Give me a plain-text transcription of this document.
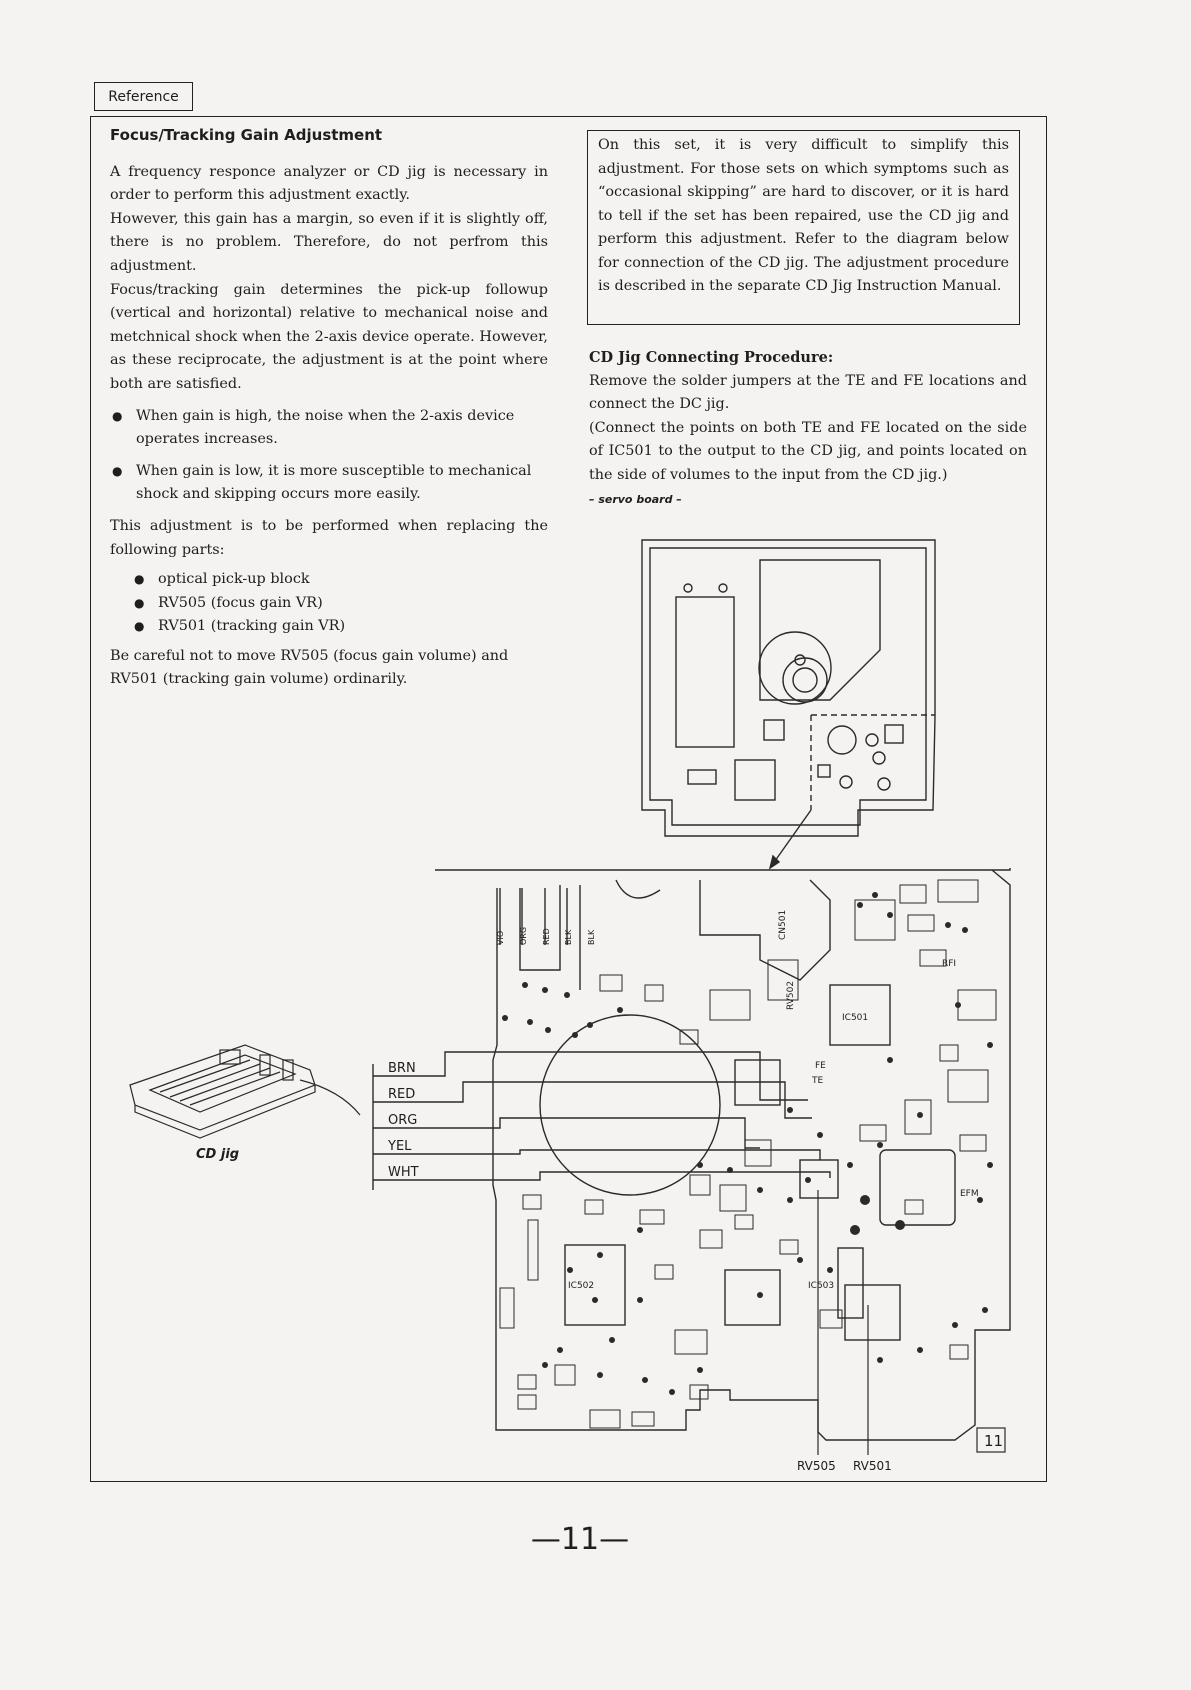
Reference

Focus/Tracking Gain Adjustment

A frequency responce analyzer or CD jig is necessary in order to perform this adjustment exactly.

However, this gain has a margin, so even if it is slightly off, there is no problem. Therefore, do not perfrom this adjustment.

Focus/tracking gain determines the pick-up followup (vertical and horizontal) relative to mechanical noise and metchnical shock when the 2-axis device operate. However, as these reciprocate, the adjustment is at the point where both are satisfied.

● When gain is high, the noise when the 2-axis device operates increases.
● When gain is low, it is more susceptible to mechanical shock and skipping occurs more easily.

This adjustment is to be performed when replacing the following parts:

● optical pick-up block
● RV505 (focus gain VR)
● RV501 (tracking gain VR)

Be careful not to move RV505 (focus gain volume) and RV501 (tracking gain volume) ordinarily.

On this set, it is very difficult to simplify this adjustment. For those sets on which symptoms such as “occasional skipping” are hard to discover, or it is hard to tell if the set has been repaired, use the CD jig and perform this adjustment. Refer to the diagram below for connection of the CD jig. The adjustment procedure is described in the separate CD Jig Instruction Manual.

CD Jig Connecting Procedure:

Remove the solder jumpers at the TE and FE locations and connect the DC jig.

(Connect the points on both TE and FE located on the side of IC501 to the output to the CD jig, and points located on the side of volumes to the input from the CD jig.)

– servo board –

BRN
RED
ORG
YEL
WHT
VIO ORG RED BLK BLK
IC501
IC502	IC503
CN501
RV502
TE
FE
EFM
RFI
RV505 RV501
11
CD jig
—11—
